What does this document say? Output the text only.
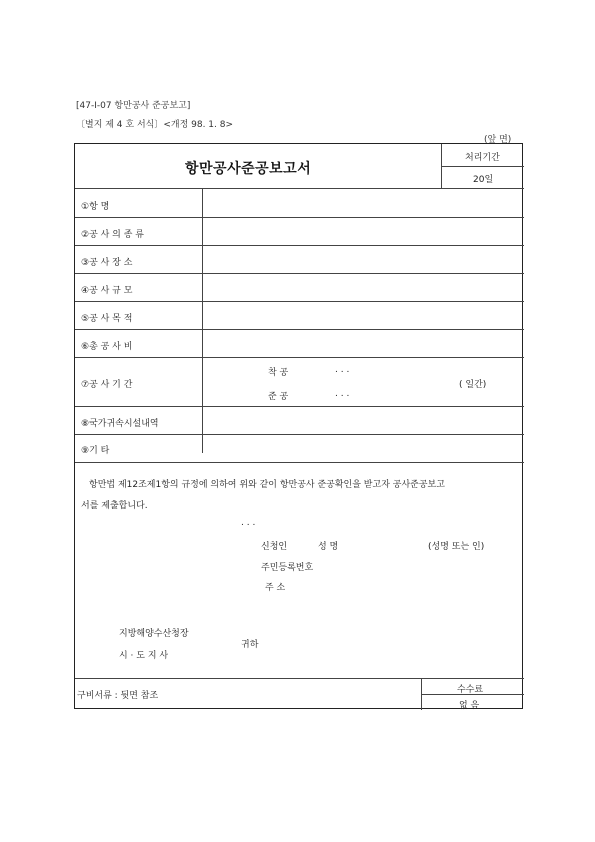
[47-I-07 항만공사 준공보고]
〔별지 제 4 호 서식〕<개정 98. 1. 8>
(앞 면)
항만공사준공보고서
처리기간
20일
①항 명
②공 사 의 종 류
③공 사 장 소
④공 사 규 모
⑤공 사 목 적
⑥총 공 사 비
⑦공 사 기 간
착 공	. . .
준 공	. . .
( 일간)
⑧국가귀속시설내역
⑨기 타
항만법 제12조제1항의 규정에 의하여 위와 같이 항만공사 준공확인을 받고자 공사준공보고
서를 제출합니다.
. . .
신청인	성 명	(성명 또는 인)
주민등록번호
주 소
지방해양수산청장
시 · 도 지 사
귀하
구비서류 : 뒷면 참조
수수료
없 음
